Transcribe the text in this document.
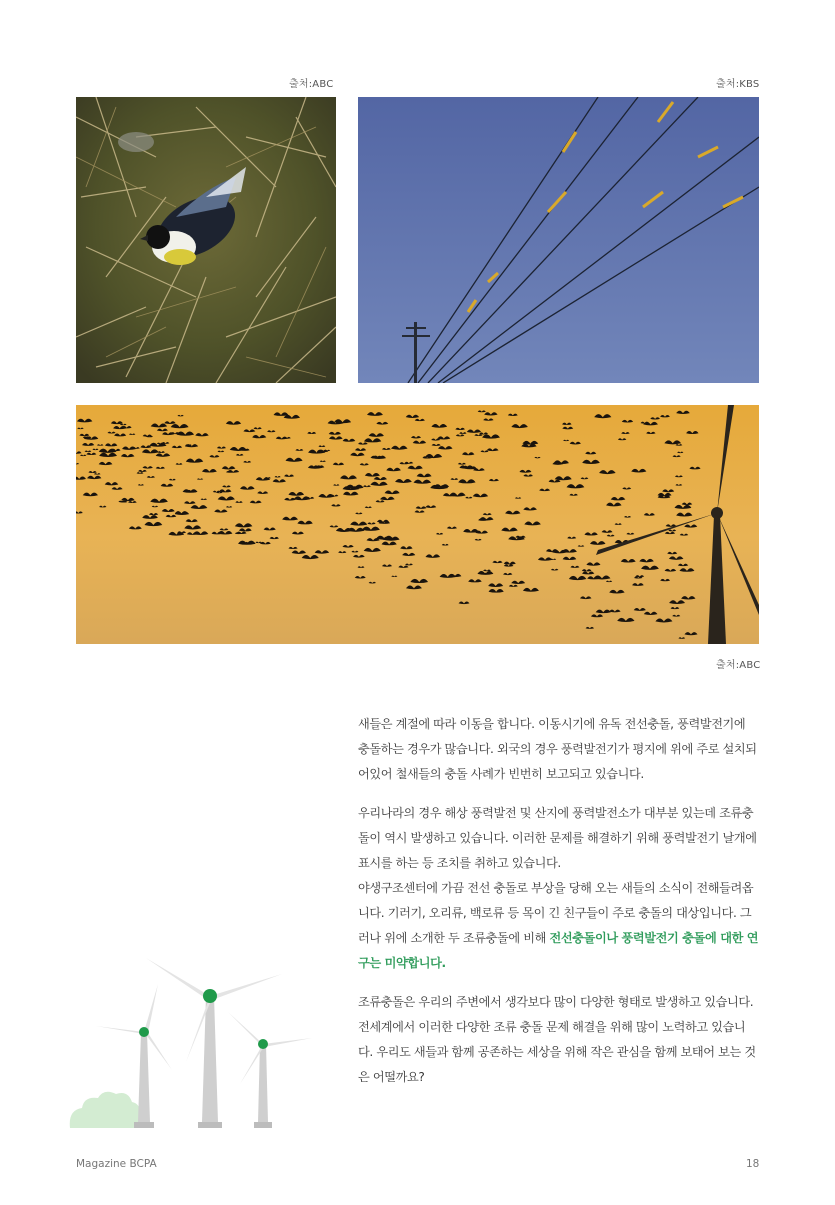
출처:ABC	출처:KBS
출처:ABC

새들은 계절에 따라 이동을 합니다. 이동시기에 유독 전선충돌, 풍력발전기에 충돌하는 경우가 많습니다. 외국의 경우 풍력발전기가 평지에 위에 주로 설치되어있어 철새들의 충돌 사례가 빈번히 보고되고 있습니다.

우리나라의 경우 해상 풍력발전 및 산지에 풍력발전소가 대부분 있는데 조류충돌이 역시 발생하고 있습니다. 이러한 문제를 해결하기 위해 풍력발전기 날개에 표시를 하는 등 조치를 취하고 있습니다.

야생구조센터에 가끔 전선 충돌로 부상을 당해 오는 새들의 소식이 전해들려옵니다. 기러기, 오리류, 백로류 등 목이 긴 친구들이 주로 충돌의 대상입니다. 그러나 위에 소개한 두 조류충돌에 비해 전선충돌이나 풍력발전기 충돌에 대한 연구는 미약합니다.

조류충돌은 우리의 주변에서 생각보다 많이 다양한 형태로 발생하고 있습니다. 전세계에서 이러한 다양한 조류 충돌 문제 해결을 위해 많이 노력하고 있습니다. 우리도 새들과 함께 공존하는 세상을 위해 작은 관심을 함께 보태어 보는 것은 어떨까요?

Magazine BCPA	18
